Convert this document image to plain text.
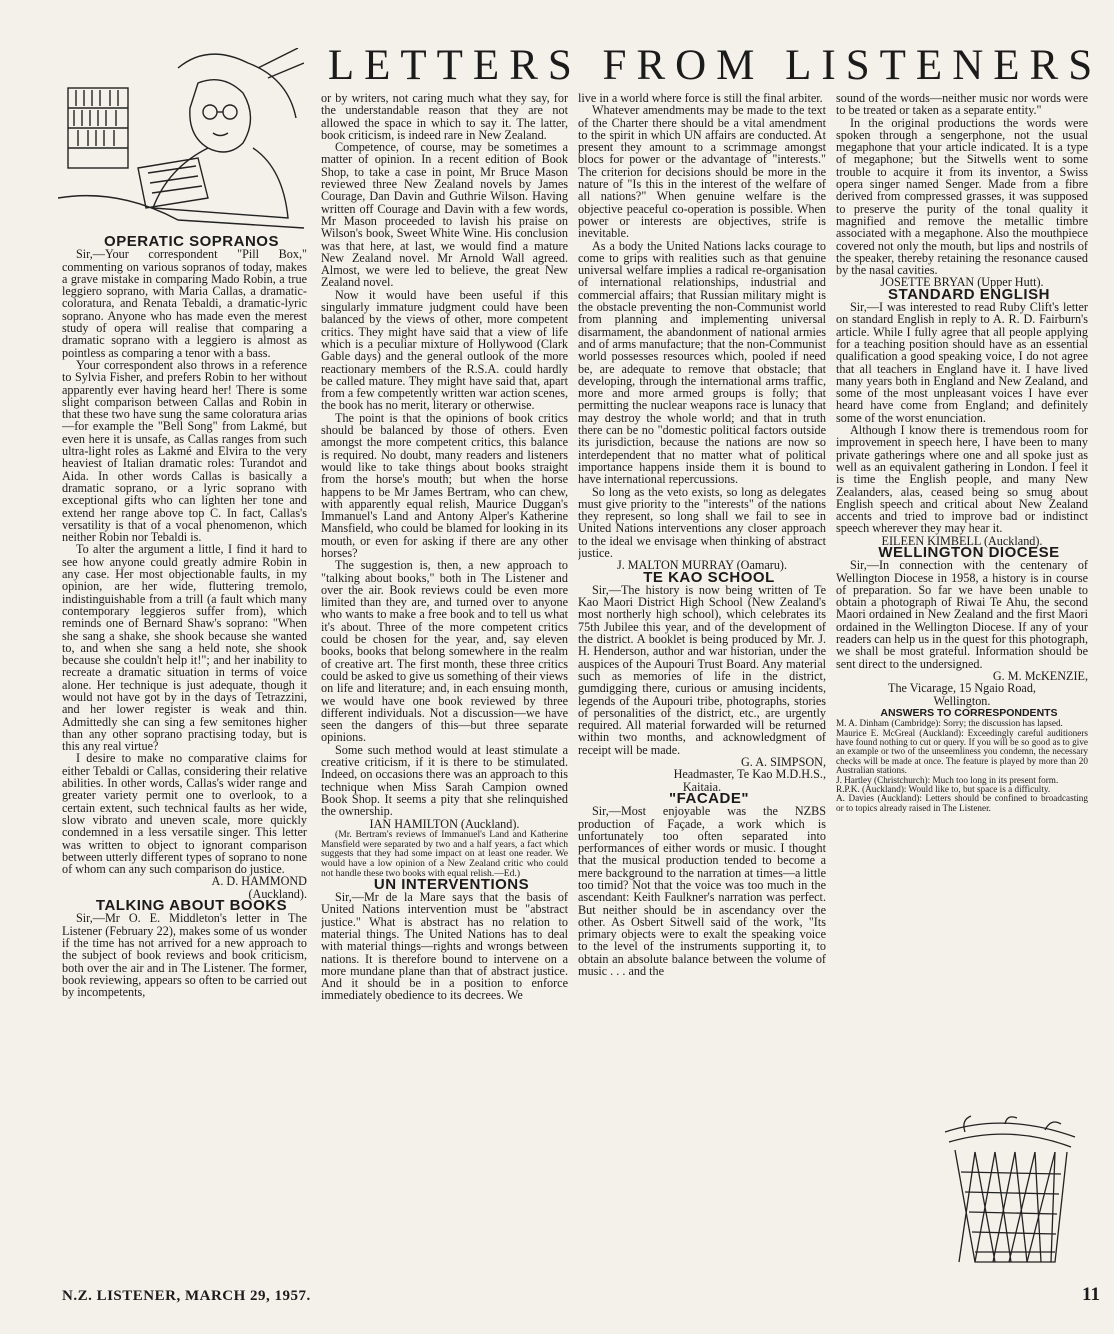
LETTERS FROM LISTENERS

OPERATIC SOPRANOS

Sir,—Your correspondent "Pill Box," commenting on various sopranos of today, makes a grave mistake in comparing Mado Robin, a true leggiero soprano, with Maria Callas, a dramatic-coloratura, and Renata Tebaldi, a dramatic-lyric soprano. Anyone who has made even the merest study of opera will realise that comparing a dramatic soprano with a leggiero is almost as pointless as comparing a tenor with a bass.

Your correspondent also throws in a reference to Sylvia Fisher, and prefers Robin to her without apparently ever having heard her! There is some slight comparison between Callas and Robin in that these two have sung the same coloratura arias—for example the "Bell Song" from Lakmé, but even here it is unsafe, as Callas ranges from such ultra-light roles as Lakmé and Elvira to the very heaviest of Italian dramatic roles: Turandot and Aida. In other words Callas is basically a dramatic soprano, or a lyric soprano with exceptional gifts who can lighten her tone and extend her range above top C. In fact, Callas's versatility is that of a vocal phenomenon, which neither Robin nor Tebaldi is.

To alter the argument a little, I find it hard to see how anyone could greatly admire Robin in any case. Her most objectionable faults, in my opinion, are her wide, fluttering tremolo, indistinguishable from a trill (a fault which many contemporary leggieros suffer from), which reminds one of Bernard Shaw's soprano: "When she sang a shake, she shook because she wanted to, and when she sang a held note, she shook because she couldn't help it!"; and her inability to recreate a dramatic situation in terms of voice alone. Her technique is just adequate, though it would not have got by in the days of Tetrazzini, and her lower register is weak and thin. Admittedly she can sing a few semitones higher than any other soprano practising today, but is this any real virtue?

I desire to make no comparative claims for either Tebaldi or Callas, considering their relative abilities. In other words, Callas's wider range and greater variety permit one to overlook, to a certain extent, such technical faults as her wide, slow vibrato and uneven scale, more quickly condemned in a less versatile singer. This letter was written to object to ignorant comparison between utterly different types of soprano to none of whom can any such comparison do justice.

A. D. HAMMOND

(Auckland).

TALKING ABOUT BOOKS

Sir,—Mr O. E. Middleton's letter in The Listener (February 22), makes some of us wonder if the time has not arrived for a new approach to the subject of book reviews and book criticism, both over the air and in The Listener. The former, book reviewing, appears so often to be carried out by incompetents,

or by writers, not caring much what they say, for the understandable reason that they are not allowed the space in which to say it. The latter, book criticism, is indeed rare in New Zealand.

Competence, of course, may be sometimes a matter of opinion. In a recent edition of Book Shop, to take a case in point, Mr Bruce Mason reviewed three New Zealand novels by James Courage, Dan Davin and Guthrie Wilson. Having written off Courage and Davin with a few words, Mr Mason proceeded to lavish his praise on Wilson's book, Sweet White Wine. His conclusion was that here, at last, we would find a mature New Zealand novel. Mr Arnold Wall agreed. Almost, we were led to believe, the great New Zealand novel.

Now it would have been useful if this singularly immature judgment could have been balanced by the views of other, more competent critics. They might have said that a view of life which is a peculiar mixture of Hollywood (Clark Gable days) and the general outlook of the more reactionary members of the R.S.A. could hardly be called mature. They might have said that, apart from a few competently written war action scenes, the book has no merit, literary or otherwise.

The point is that the opinions of book critics should be balanced by those of others. Even amongst the more competent critics, this balance is required. No doubt, many readers and listeners would like to take things about books straight from the horse's mouth; but when the horse happens to be Mr James Bertram, who can chew, with apparently equal relish, Maurice Duggan's Immanuel's Land and Antony Alper's Katherine Mansfield, who could be blamed for looking in its mouth, or even for asking if there are any other horses?

The suggestion is, then, a new approach to "talking about books," both in The Listener and over the air. Book reviews could be even more limited than they are, and turned over to anyone who wants to make a free book and to tell us what it's about. Three of the more competent critics could be chosen for the year, and, say eleven books, books that belong somewhere in the realm of creative art. The first month, these three critics could be asked to give us something of their views on life and literature; and, in each ensuing month, we would have one book reviewed by three different individuals. Not a discussion—we have seen the dangers of this—but three separate opinions.

Some such method would at least stimulate a creative criticism, if it is there to be stimulated. Indeed, on occasions there was an approach to this technique when Miss Sarah Campion owned Book Shop. It seems a pity that she relinquished the ownership.

IAN HAMILTON (Auckland).

(Mr. Bertram's reviews of Immanuel's Land and Katherine Mansfield were separated by two and a half years, a fact which suggests that they had some impact on at least one reader. We would have a low opinion of a New Zealand critic who could not handle these two books with equal relish.—Ed.)

UN INTERVENTIONS

Sir,—Mr de la Mare says that the basis of United Nations intervention must be "abstract justice." What is abstract has no relation to material things. The United Nations has to deal with material things—rights and wrongs between nations. It is therefore bound to intervene on a more mundane plane than that of abstract justice. And it should be in a position to enforce immediately obedience to its decrees. We

live in a world where force is still the final arbiter.

Whatever amendments may be made to the text of the Charter there should be a vital amendment to the spirit in which UN affairs are conducted. At present they amount to a scrimmage amongst blocs for power or the advantage of "interests." The criterion for decisions should be more in the nature of "Is this in the interest of the welfare of all nations?" When genuine welfare is the objective peaceful co-operation is possible. When power or interests are objectives, strife is inevitable.

As a body the United Nations lacks courage to come to grips with realities such as that genuine universal welfare implies a radical re-organisation of international relationships, industrial and commercial affairs; that Russian military might is the obstacle preventing the non-Communist world from planning and implementing universal disarmament, the abandonment of national armies and of arms manufacture; that the non-Communist world possesses resources which, pooled if need be, are adequate to remove that obstacle; that developing, through the international arms traffic, more and more armed groups is folly; that permitting the nuclear weapons race is lunacy that may destroy the whole world; and that in truth there can be no "domestic political factors outside its jurisdiction, because the nations are now so interdependent that no matter what of political importance happens inside them it is bound to have international repercussions.

So long as the veto exists, so long as delegates must give priority to the "interests" of the nations they represent, so long shall we fail to see in United Nations interventions any closer approach to the ideal we envisage when thinking of abstract justice.

J. MALTON MURRAY (Oamaru).

TE KAO SCHOOL

Sir,—The history is now being written of Te Kao Maori District High School (New Zealand's most northerly high school), which celebrates its 75th Jubilee this year, and of the development of the district. A booklet is being produced by Mr. J. H. Henderson, author and war historian, under the auspices of the Aupouri Trust Board. Any material such as memories of life in the district, gumdigging there, curious or amusing incidents, legends of the Aupouri tribe, photographs, stories of personalities of the district, etc., are urgently required. All material forwarded will be returned within two months, and acknowledgment of receipt will be made.

G. A. SIMPSON,

Headmaster, Te Kao M.D.H.S.,

Kaitaia.

"FACADE"

Sir,—Most enjoyable was the NZBS production of Façade, a work which is unfortunately too often separated into performances of either words or music. I thought that the musical production tended to become a mere background to the narration at times—a little too timid? Not that the voice was too much in the ascendant: Keith Faulkner's narration was perfect. But neither should be in ascendancy over the other. As Osbert Sitwell said of the work, "Its primary objects were to exalt the speaking voice to the level of the instruments supporting it, to obtain an absolute balance between the volume of music . . . and the

sound of the words—neither music nor words were to be treated or taken as a separate entity."

In the original productions the words were spoken through a sengerphone, not the usual megaphone that your article indicated. It is a type of megaphone; but the Sitwells went to some trouble to acquire it from its inventor, a Swiss opera singer named Senger. Made from a fibre derived from compressed grasses, it was supposed to preserve the purity of the tonal quality it magnified and remove the metallic timbre associated with a megaphone. Also the mouthpiece covered not only the mouth, but lips and nostrils of the speaker, thereby retaining the resonance caused by the nasal cavities.

JOSETTE BRYAN (Upper Hutt).

STANDARD ENGLISH

Sir,—I was interested to read Ruby Clift's letter on standard English in reply to A. R. D. Fairburn's article. While I fully agree that all people applying for a teaching position should have as an essential qualification a good speaking voice, I do not agree that all teachers in England have it. I have lived many years both in England and New Zealand, and some of the most unpleasant voices I have ever heard have come from England; and definitely some of the worst enunciation.

Although I know there is tremendous room for improvement in speech here, I have been to many private gatherings where one and all spoke just as well as an equivalent gathering in London. I feel it is time the English people, and many New Zealanders, alas, ceased being so smug about English speech and critical about New Zealand accents and tried to improve bad or indistinct speech wherever they may hear it.

EILEEN KIMBELL (Auckland).

WELLINGTON DIOCESE

Sir,—In connection with the centenary of Wellington Diocese in 1958, a history is in course of preparation. So far we have been unable to obtain a photograph of Riwai Te Ahu, the second Maori ordained in New Zealand and the first Maori ordained in the Wellington Diocese. If any of your readers can help us in the quest for this photograph, we shall be most grateful. Information should be sent direct to the undersigned.

G. M. McKENZIE,

The Vicarage, 15 Ngaio Road,

Wellington.

ANSWERS TO CORRESPONDENTS

M. A. Dinham (Cambridge): Sorry; the discussion has lapsed.

Maurice E. McGreal (Auckland): Exceedingly careful auditioners have found nothing to cut or query. If you will be so good as to give an example or two of the unseemliness you condemn, the necessary checks will be made at once. The feature is played by more than 20 Australian stations.

J. Hartley (Christchurch): Much too long in its present form.

R.P.K. (Auckland): Would like to, but space is a difficulty.

A. Davies (Auckland): Letters should be confined to broadcasting or to topics already raised in The Listener.

N.Z. LISTENER, MARCH 29, 1957.	11
